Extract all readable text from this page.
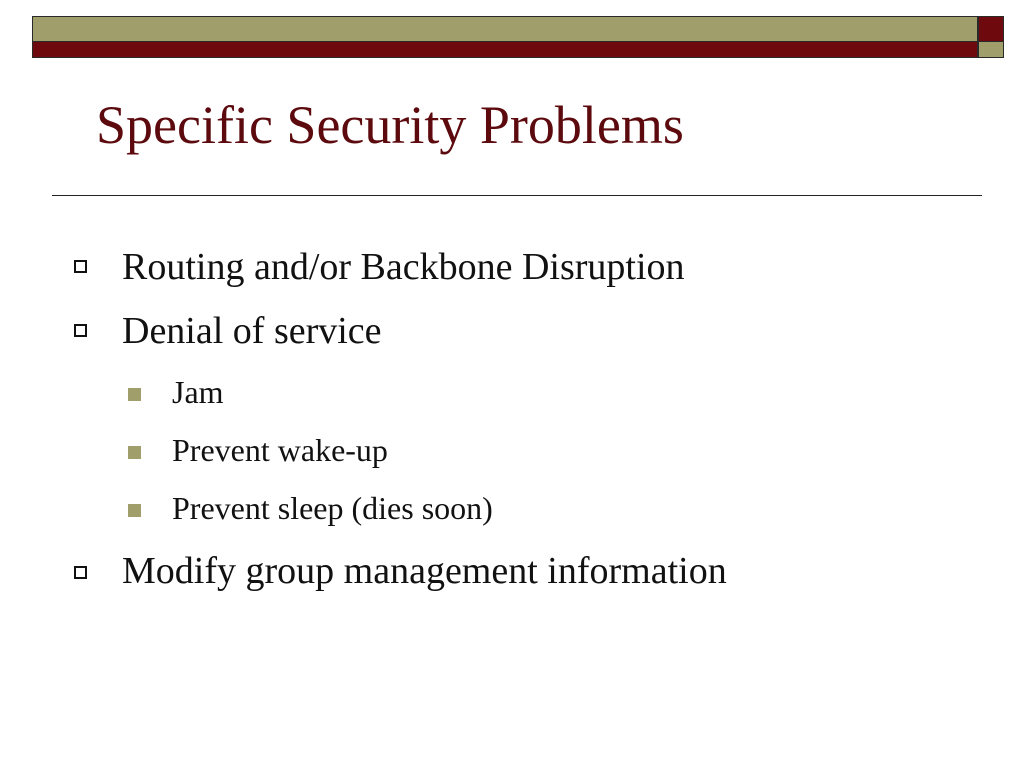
Specific Security Problems
Routing and/or Backbone Disruption
Denial of service
Jam
Prevent wake-up
Prevent sleep (dies soon)
Modify group management information
